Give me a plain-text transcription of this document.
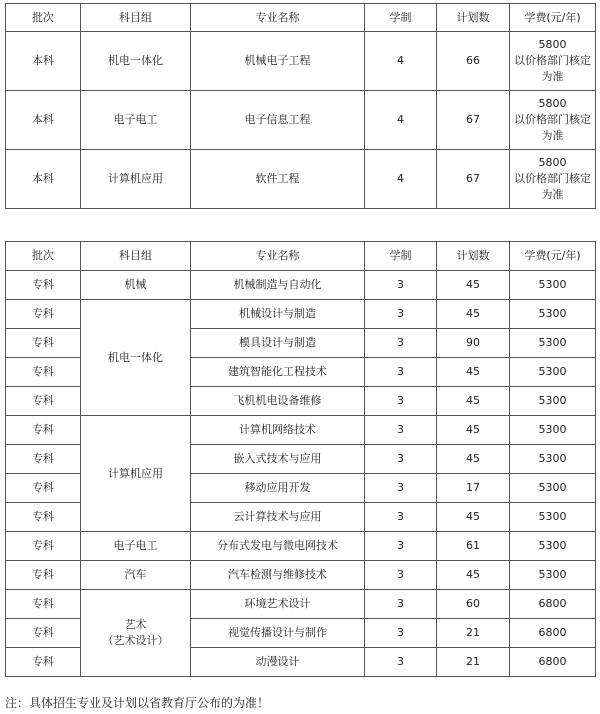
批次	科目组	专业名称	学制	计划数	学费(元/年)
本科	机电一体化	机械电子工程	4	66	5800
以价格部门核定
为准

本科	电子电工	电子信息工程	4	67	5800
以价格部门核定
为准

本科	计算机应用	软件工程	4	67	5800
以价格部门核定
为准
批次	科目组	专业名称	学制	计划数	学费(元/年)
专科	机械	机械制造与自动化	3	45	5300
专科	机电一体化	机械设计与制造	3	45	5300
专科		模具设计与制造	3	90	5300
专科		建筑智能化工程技术	3	45	5300
专科		飞机机电设备维修	3	45	5300
专科	计算机应用	计算机网络技术	3	45	5300
专科		嵌入式技术与应用	3	45	5300
专科		移动应用开发	3	17	5300
专科		云计算技术与应用	3	45	5300
专科	电子电工	分布式发电与微电网技术	3	61	5300
专科	汽车	汽车检测与维修技术	3	45	5300
专科	艺术
（艺术设计）	环境艺术设计	3	60	6800
专科		视觉传播设计与制作	3	21	6800
专科		动漫设计	3	21	6800
注：具体招生专业及计划以省教育厅公布的为准！
